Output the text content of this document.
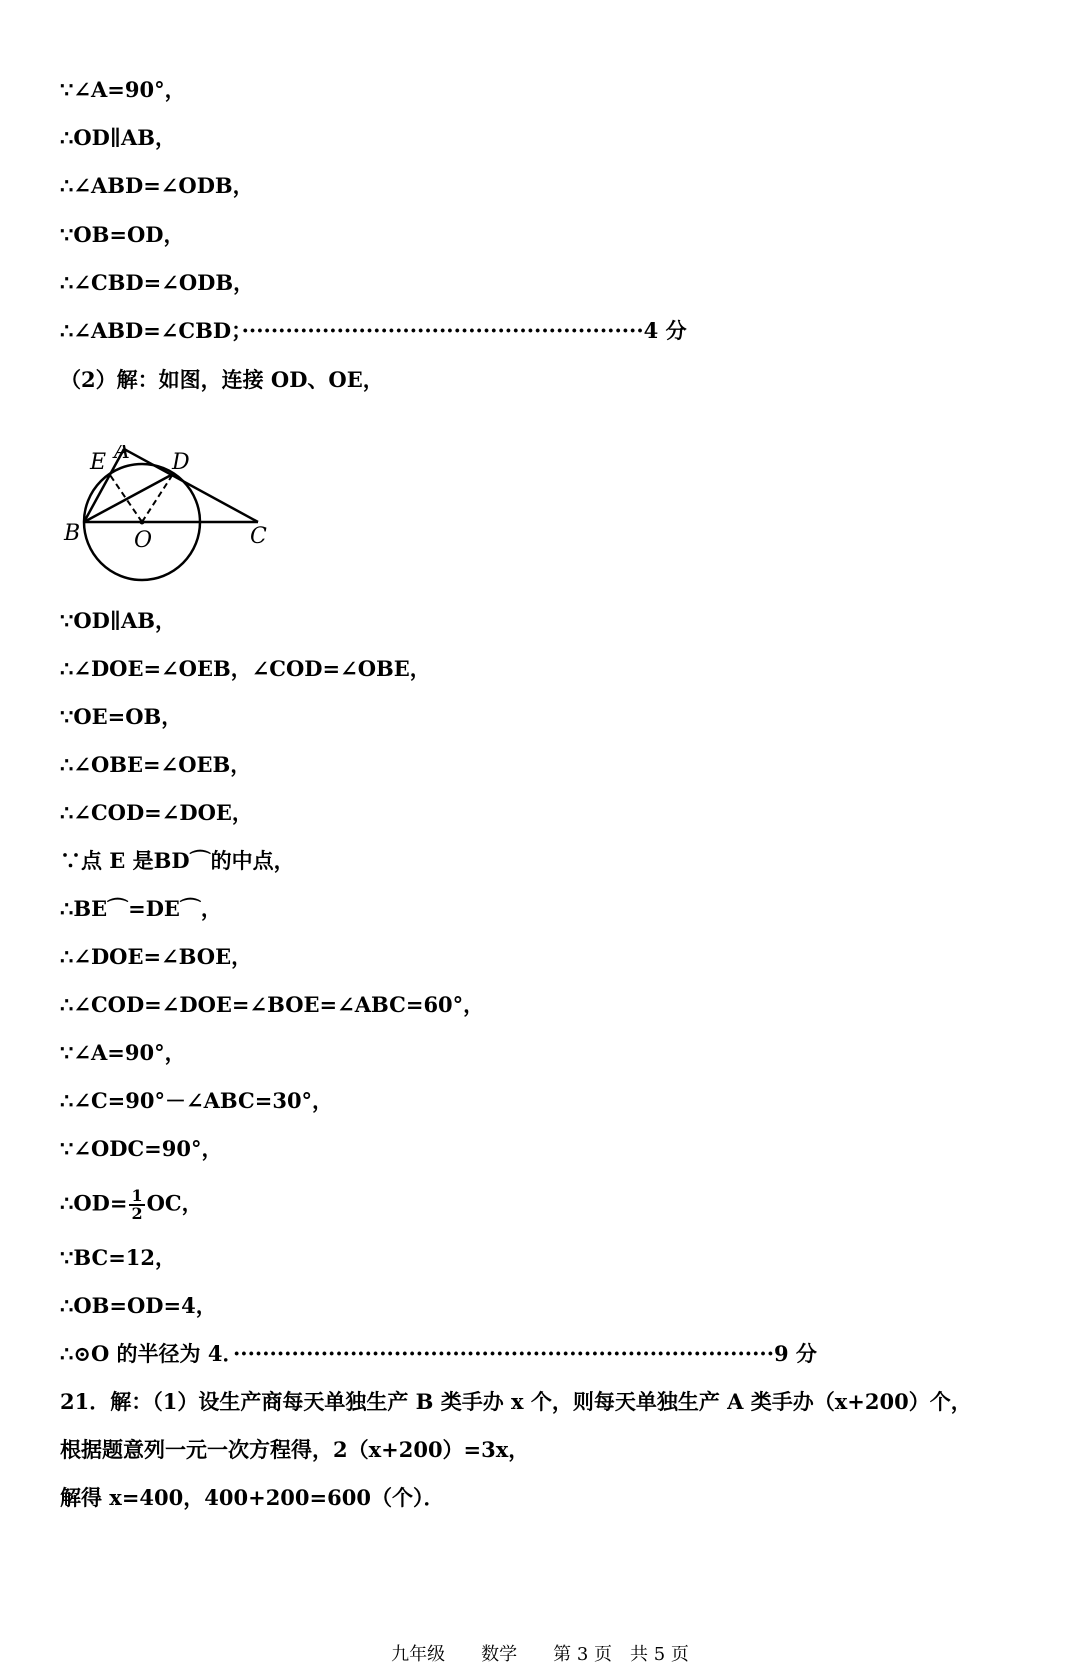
∵∠A=90°，
∴OD∥AB，
∴∠ABD=∠ODB，
∵OB=OD，
∴∠CBD=∠ODB，
∴∠ABD=∠CBD；·······················································4 分
（2）解：如图，连接 OD、OE，
A
E	D
B O	C
∵OD∥AB，
∴∠DOE=∠OEB，∠COD=∠OBE，
∵OE=OB，
∴∠OBE=∠OEB，
∴∠COD=∠DOE，
∵点 E 是BD⌒的中点，
∴BE⌒=DE⌒，
∴∠DOE=∠BOE，
∴∠COD=∠DOE=∠BOE=∠ABC=60°，
∵∠A=90°，
∴∠C=90°－∠ABC=30°，
∵∠ODC=90°，
∴OD= $\frac{1}{2}$ OC，
∵BC=12，
∴OB=OD=4，
∴⊙O 的半径为 4．··········································································9 分
21．解：（1）设生产商每天单独生产 B 类手办 x 个，则每天单独生产 A 类手办（x+200）个，
根据题意列一元一次方程得，2（x+200）=3x，
解得 x=400，400+200=600（个）．
九年级　　数学　　第 3 页　共 5 页
